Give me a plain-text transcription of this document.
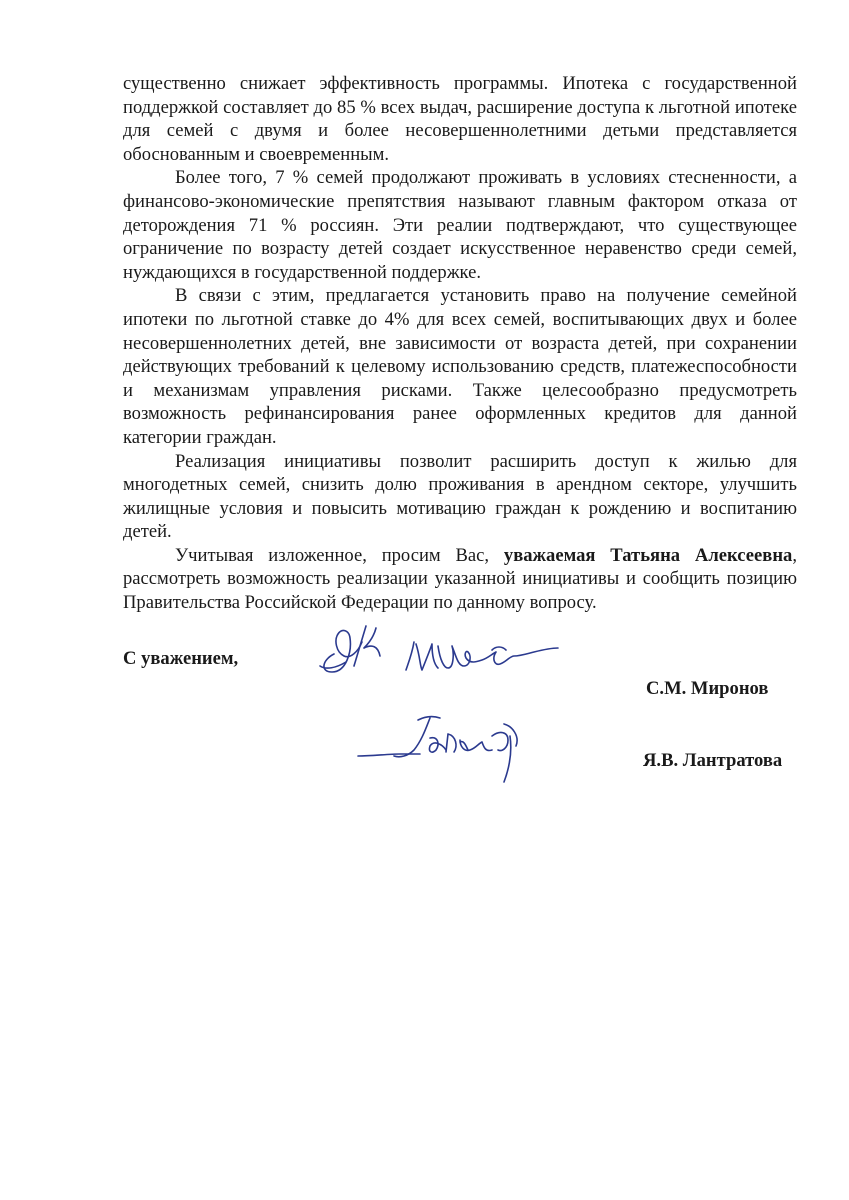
существенно снижает эффективность программы. Ипотека с государственной поддержкой составляет до 85 % всех выдач, расширение доступа к льготной ипотеке для семей с двумя и более несовершеннолетними детьми представляется обоснованным и своевременным.

Более того, 7 % семей продолжают проживать в условиях стесненности, а финансово-экономические препятствия называют главным фактором отказа от деторождения 71 % россиян. Эти реалии подтверждают, что существующее ограничение по возрасту детей создает искусственное неравенство среди семей, нуждающихся в государственной поддержке.

В связи с этим, предлагается установить право на получение семейной ипотеки по льготной ставке до 4% для всех семей, воспитывающих двух и более несовершеннолетних детей, вне зависимости от возраста детей, при сохранении действующих требований к целевому использованию средств, платежеспособности и механизмам управления рисками. Также целесообразно предусмотреть возможность рефинансирования ранее оформленных кредитов для данной категории граждан.

Реализация инициативы позволит расширить доступ к жилью для многодетных семей, снизить долю проживания в арендном секторе, улучшить жилищные условия и повысить мотивацию граждан к рождению и воспитанию детей.

Учитывая изложенное, просим Вас, уважаемая Татьяна Алексеевна, рассмотреть возможность реализации указанной инициативы и сообщить позицию Правительства Российской Федерации по данному вопросу.

С уважением,
С.М. Миронов
Я.В. Лантратова
